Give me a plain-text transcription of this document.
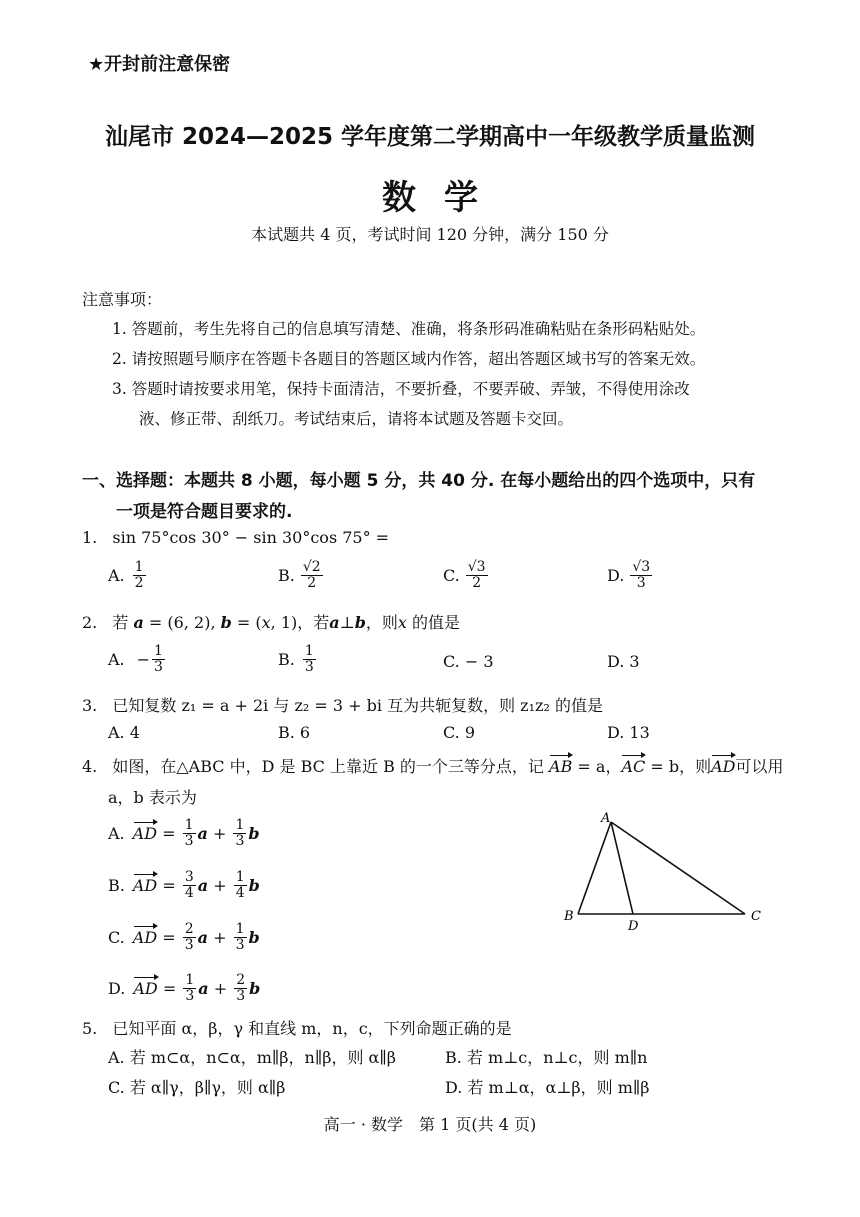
★开封前注意保密
汕尾市 2024—2025 学年度第二学期高中一年级教学质量监测
数学
本试题共 4 页，考试时间 120 分钟，满分 150 分
注意事项：
1. 答题前，考生先将自己的信息填写清楚、准确，将条形码准确粘贴在条形码粘贴处。
2. 请按照题号顺序在答题卡各题目的答题区域内作答，超出答题区域书写的答案无效。
3. 答题时请按要求用笔，保持卡面清洁，不要折叠，不要弄破、弄皱，不得使用涂改
液、修正带、刮纸刀。考试结束后，请将本试题及答题卡交回。
一、选择题：本题共 8 小题，每小题 5 分，共 40 分. 在每小题给出的四个选项中，只有
一项是符合题目要求的.
1. sin 75°cos 30° − sin 30°cos 75° =
A. $\frac{1}{2}$	B. $\frac{√2}{2}$	C. $\frac{√3}{2}$	D. $\frac{√3}{3}$
2. 若 a = (6, 2), b = (x, 1)，若a⊥b，则x 的值是
A. − $\frac{1}{3}$	B. $\frac{1}{3}$	C. − 3	D. 3
3. 已知复数 z₁ = a + 2i 与 z₂ = 3 + bi 互为共轭复数，则 z₁z₂ 的值是
A. 4	B. 6	C. 9	D. 13
4. 如图，在△ABC 中，D 是 BC 上靠近 B 的一个三等分点，记 AB = a，AC = b，则AD可以用
a，b 表示为
A. AD = $\frac{1}{3}$ $a + \frac{1}{3}$ b
B. AD = $\frac{3}{4}$ $a + \frac{1}{4}$ b
C. AD = $\frac{2}{3}$ $a + \frac{1}{3}$ b
D. AD = $\frac{1}{3}$ $a + \frac{2}{3}$ b
A
B	C
D
5. 已知平面 α，β，γ 和直线 m，n，c，下列命题正确的是
A. 若 m⊂α，n⊂α，m∥β，n∥β，则 α∥β	B. 若 m⊥c，n⊥c，则 m∥n
C. 若 α∥γ，β∥γ，则 α∥β	D. 若 m⊥α，α⊥β，则 m∥β
高一 · 数学　第 1 页(共 4 页)
